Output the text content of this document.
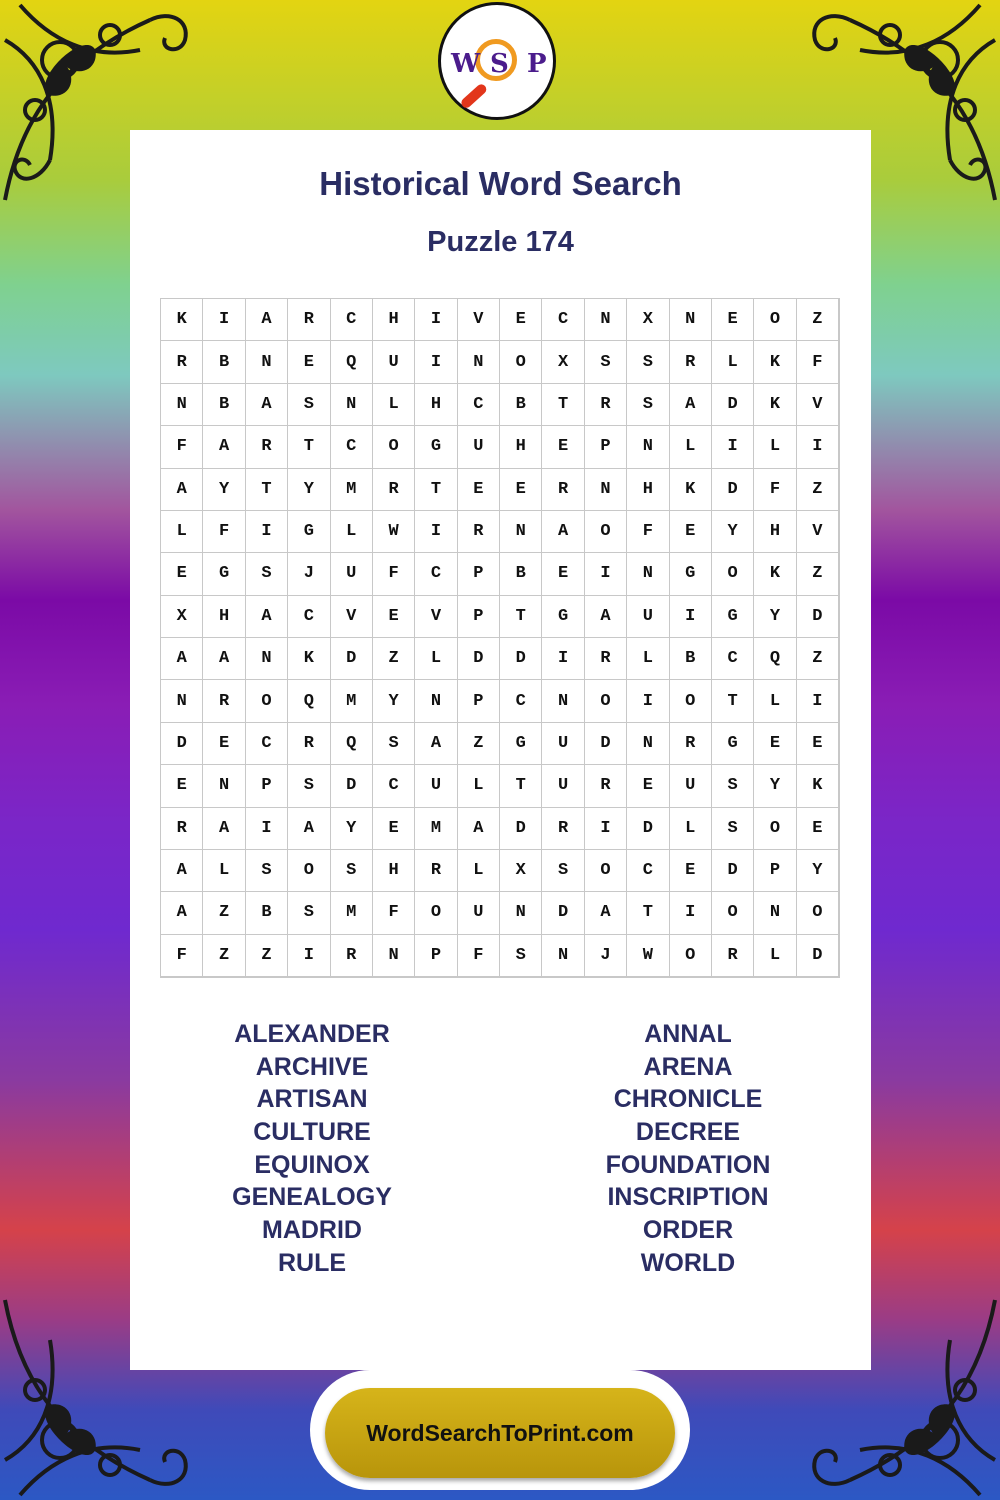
W S P
Historical Word Search
Puzzle 174
K	I	A	R	C	H	I	V	E	C	N	X	N	E	O	Z
R	B	N	E	Q	U	I	N	O	X	S	S	R	L	K	F
N	B	A	S	N	L	H	C	B	T	R	S	A	D	K	V
F	A	R	T	C	O	G	U	H	E	P	N	L	I	L	I
A	Y	T	Y	M	R	T	E	E	R	N	H	K	D	F	Z
L	F	I	G	L	W	I	R	N	A	O	F	E	Y	H	V
E	G	S	J	U	F	C	P	B	E	I	N	G	O	K	Z
X	H	A	C	V	E	V	P	T	G	A	U	I	G	Y	D
A	A	N	K	D	Z	L	D	D	I	R	L	B	C	Q	Z
N	R	O	Q	M	Y	N	P	C	N	O	I	O	T	L	I
D	E	C	R	Q	S	A	Z	G	U	D	N	R	G	E	E
E	N	P	S	D	C	U	L	T	U	R	E	U	S	Y	K
R	A	I	A	Y	E	M	A	D	R	I	D	L	S	O	E
A	L	S	O	S	H	R	L	X	S	O	C	E	D	P	Y
A	Z	B	S	M	F	O	U	N	D	A	T	I	O	N	O
F	Z	Z	I	R	N	P	F	S	N	J	W	O	R	L	D
ALEXANDER
ARCHIVE
ARTISAN
CULTURE
EQUINOX
GENEALOGY
MADRID
RULE
ANNAL
ARENA
CHRONICLE
DECREE
FOUNDATION
INSCRIPTION
ORDER
WORLD
WordSearchToPrint.com
